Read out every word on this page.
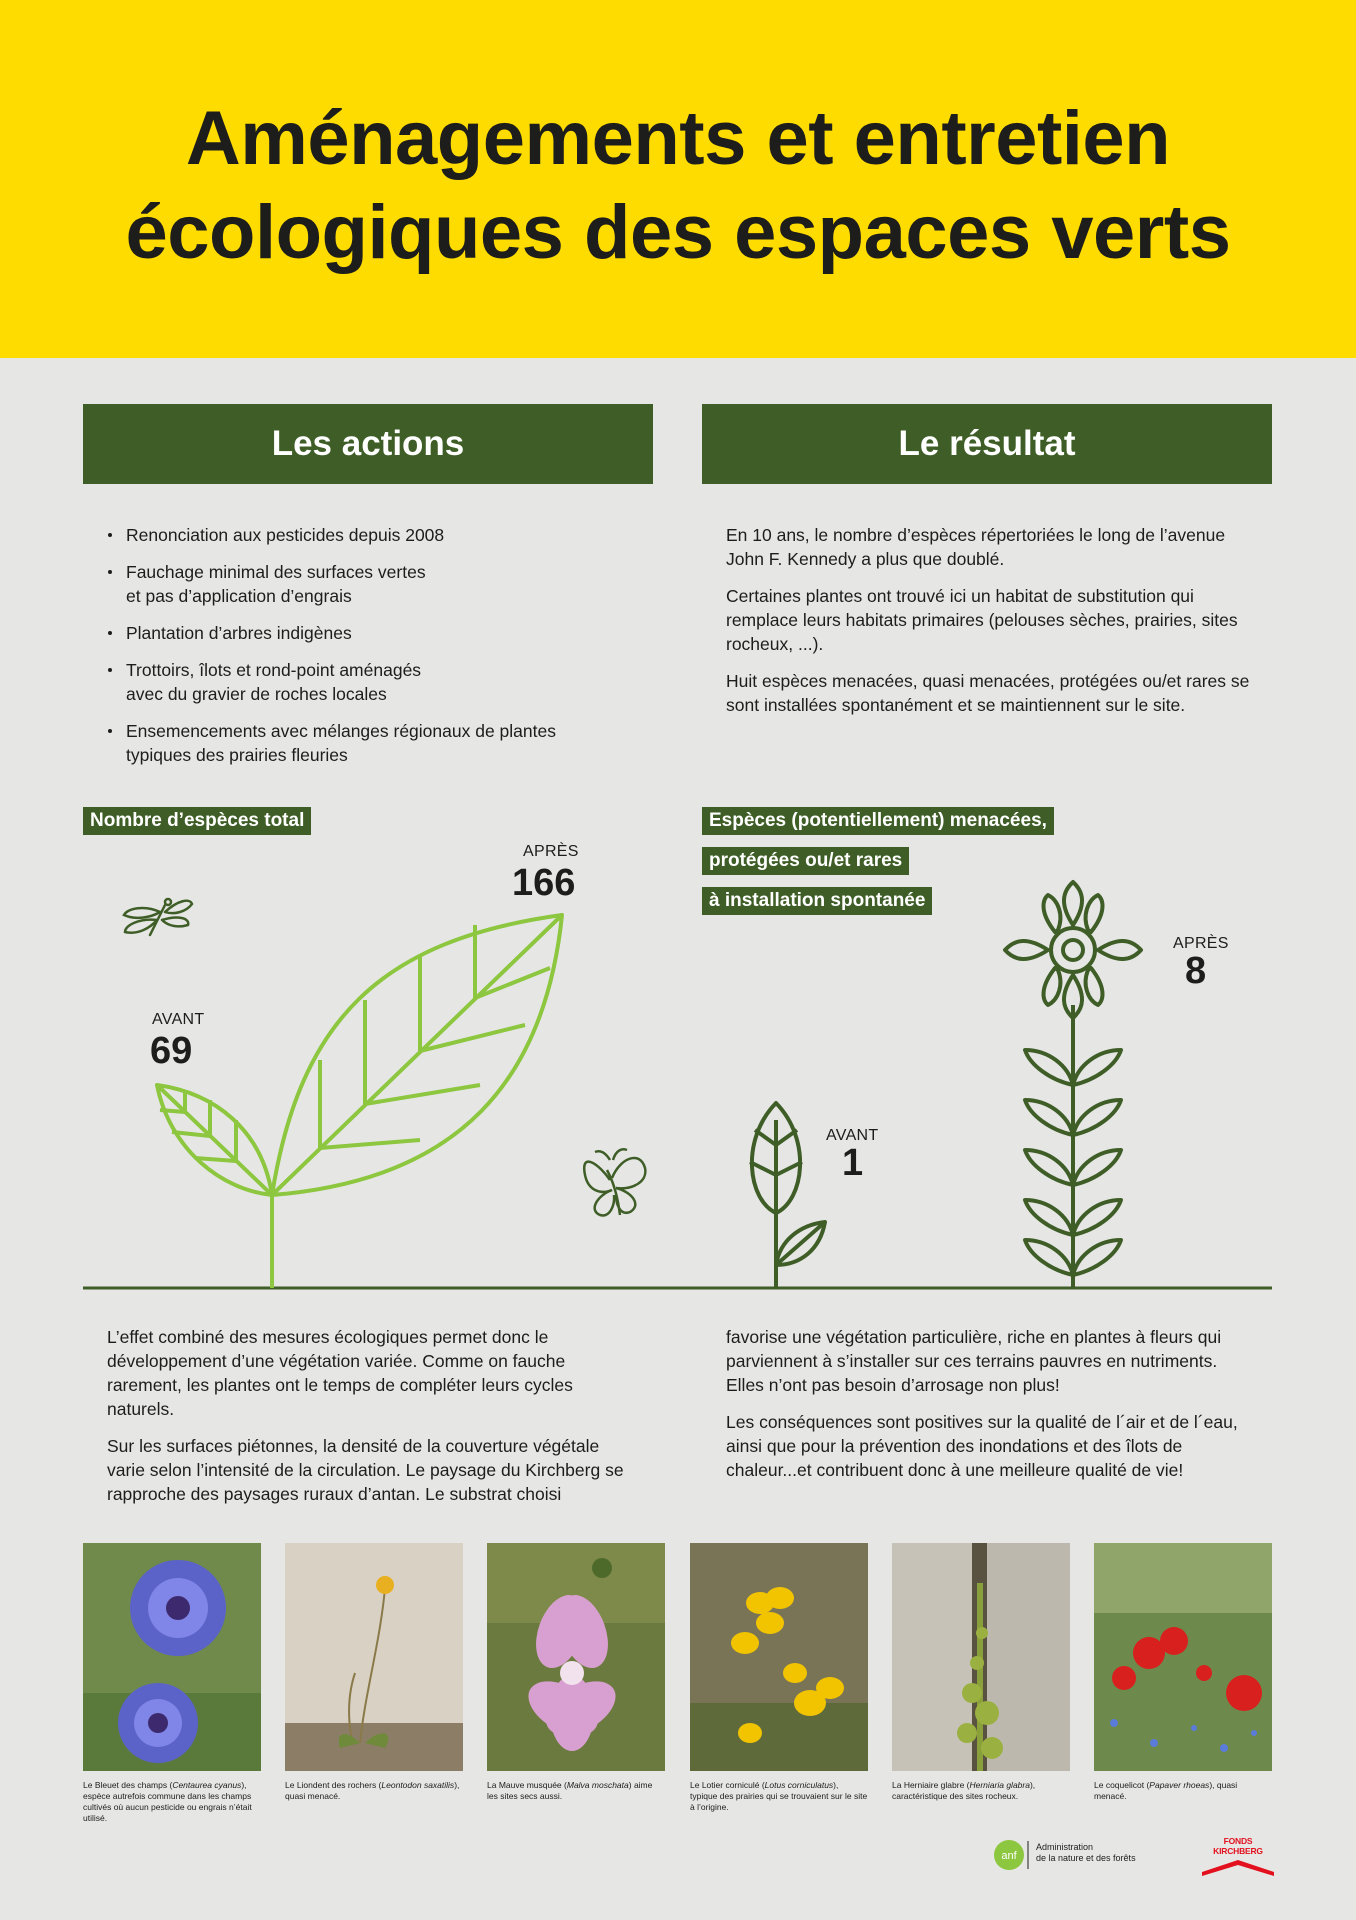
Aménagements et entretien
écologiques des espaces verts
Les actions	Le résultat
Renonciation aux pesticides depuis 2008
Fauchage minimal des surfaces vertes
et pas d’application d’engrais
Plantation d’arbres indigènes
Trottoirs, îlots et rond-point aménagés
avec du gravier de roches locales
Ensemencements avec mélanges régionaux de plantes
typiques des prairies fleuries

En 10 ans, le nombre d’espèces répertoriées le long de l’avenue John F. Kennedy a plus que doublé.

Certaines plantes ont trouvé ici un habitat de substitution qui remplace leurs habitats primaires (pelouses sèches, prairies, sites rocheux, ...).

Huit espèces menacées, quasi menacées, protégées ou/et rares se sont installées spontanément et se maintiennent sur le site.

Nombre d’espèces total	Espèces (potentiellement) menacées,
protégées ou/et rares
à installation spontanée
AVANT
69
APRÈS
166
AVANT
1
APRÈS
8

L’effet combiné des mesures écologiques permet donc le développement d’une végétation variée. Comme on fauche rarement, les plantes ont le temps de compléter leurs cycles naturels.

Sur les surfaces piétonnes, la densité de la couverture végétale varie selon l’intensité de la circulation. Le paysage du Kirchberg se rapproche des paysages ruraux d’antan. Le substrat choisi

favorise une végétation particulière, riche en plantes à fleurs qui parviennent à s’installer sur ces terrains pauvres en nutriments. Elles n’ont pas besoin d’arrosage non plus!

Les conséquences sont positives sur la qualité de l´air et de l´eau, ainsi que pour la prévention des inondations et des îlots de chaleur...et contribuent donc à une meilleure qualité de vie!

Le Bleuet des champs (Centaurea cyanus), espèce autrefois commune dans les champs cultivés où aucun pesticide ou engrais n’était utilisé.
Le Liondent des rochers (Leontodon saxatilis), quasi menacé.
La Mauve musquée (Malva moschata) aime les sites secs aussi.
Le Lotier corniculé (Lotus corniculatus), typique des prairies qui se trouvaient sur le site à l’origine.
La Herniaire glabre (Herniaria glabra), caractéristique des sites rocheux.
Le coquelicot (Papaver rhoeas), quasi menacé.
anf
Administration
de la nature et des forêts
FONDS KIRCHBERG
